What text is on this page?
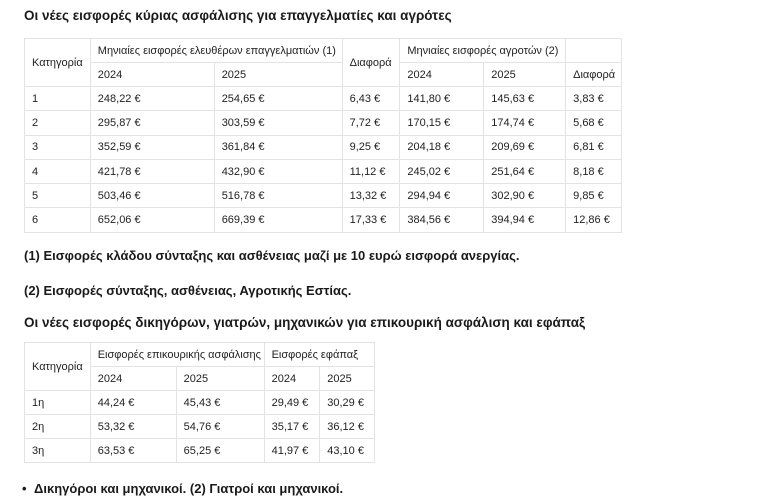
Οι νέες εισφορές κύριας ασφάλισης για επαγγελματίες και αγρότες

Κατηγορία	Μηνιαίες εισφορές ελευθέρων επαγγελματιών (1)		Διαφορά	Μηνιαίες εισφορές αγροτών (2)		
	2024	2025		2024	2025	Διαφορά
1	248,22 €	254,65 €	6,43 €	141,80 €	145,63 €	3,83 €
2	295,87 €	303,59 €	7,72 €	170,15 €	174,74 €	5,68 €
3	352,59 €	361,84 €	9,25 €	204,18 €	209,69 €	6,81 €
4	421,78 €	432,90 €	11,12 €	245,02 €	251,64 €	8,18 €
5	503,46 €	516,78 €	13,32 €	294,94 €	302,90 €	9,85 €
6	652,06 €	669,39 €	17,33 €	384,56 €	394,94 €	12,86 €

(1) Εισφορές κλάδου σύνταξης και ασθένειας μαζί με 10 ευρώ εισφορά ανεργίας.

(2) Εισφορές σύνταξης, ασθένειας, Αγροτικής Εστίας.

Οι νέες εισφορές δικηγόρων, γιατρών, μηχανικών για επικουρική ασφάλιση και εφάπαξ

Κατηγορία	Εισφορές επικουρικής ασφάλισης		Εισφορές εφάπαξ	
	2024	2025	2024	2025
1η	44,24 €	45,43 €	29,49 €	30,29 €
2η	53,32 €	54,76 €	35,17 €	36,12 €
3η	63,53 €	65,25 €	41,97 €	43,10 €
• Δικηγόροι και μηχανικοί. (2) Γιατροί και μηχανικοί.
